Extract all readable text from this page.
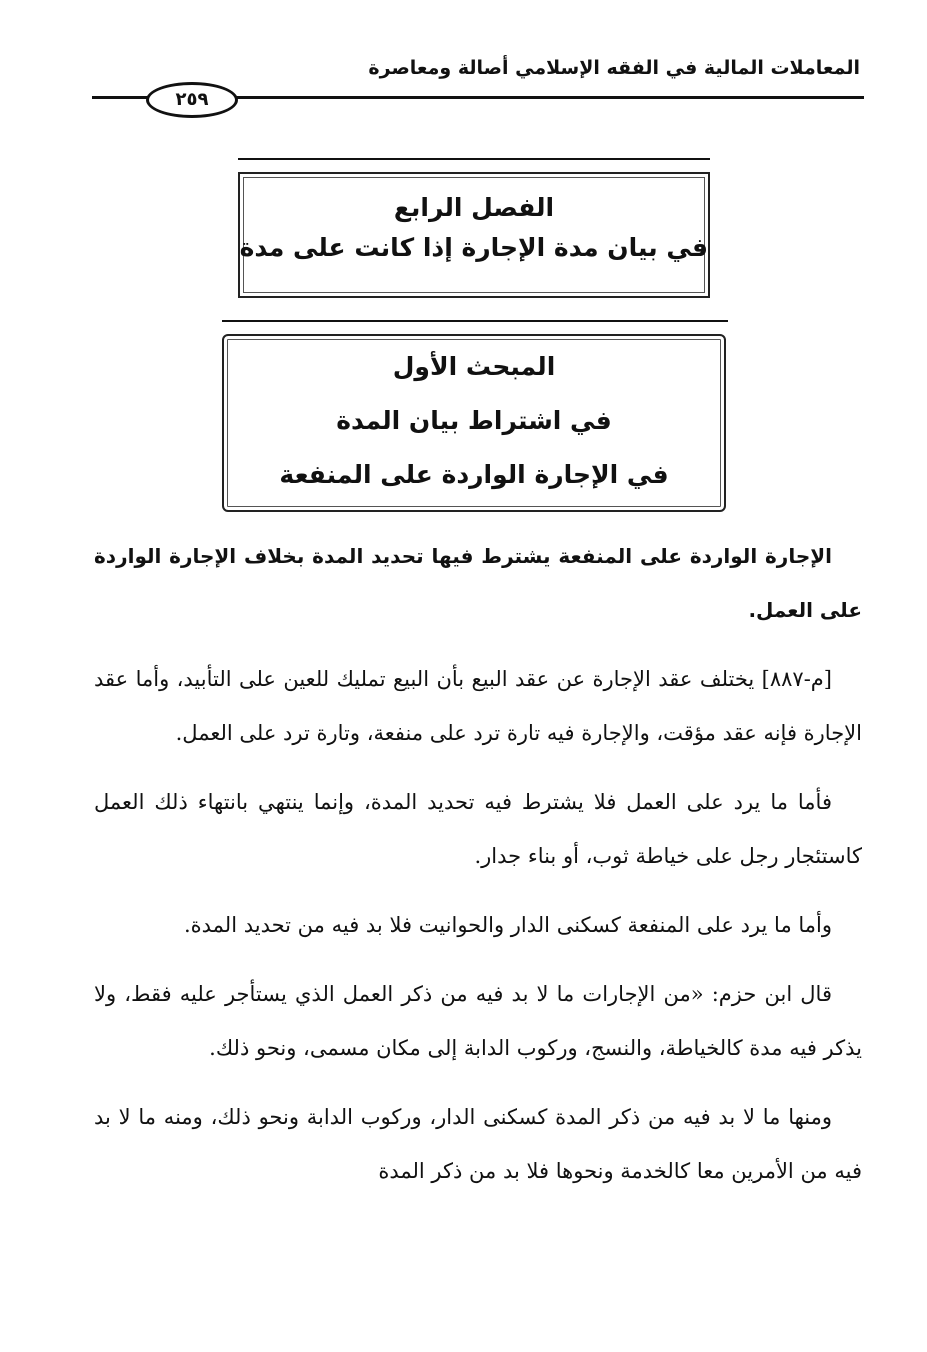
المعاملات المالية في الفقه الإسلامي أصالة ومعاصرة
٢٥٩
الفصل الرابع
في بيان مدة الإجارة إذا كانت على مدة
المبحث الأول
في اشتراط بيان المدة
في الإجارة الواردة على المنفعة

الإجارة الواردة على المنفعة يشترط فيها تحديد المدة بخلاف الإجارة الواردة على العمل.

[م-٨٨٧] يختلف عقد الإجارة عن عقد البيع بأن البيع تمليك للعين على التأبيد، وأما عقد الإجارة فإنه عقد مؤقت، والإجارة فيه تارة ترد على منفعة، وتارة ترد على العمل.

فأما ما يرد على العمل فلا يشترط فيه تحديد المدة، وإنما ينتهي بانتهاء ذلك العمل كاستئجار رجل على خياطة ثوب، أو بناء جدار.

وأما ما يرد على المنفعة كسكنى الدار والحوانيت فلا بد فيه من تحديد المدة.

قال ابن حزم: «من الإجارات ما لا بد فيه من ذكر العمل الذي يستأجر عليه فقط، ولا يذكر فيه مدة كالخياطة، والنسج، وركوب الدابة إلى مكان مسمى، ونحو ذلك.

ومنها ما لا بد فيه من ذكر المدة كسكنى الدار، وركوب الدابة ونحو ذلك، ومنه ما لا بد فيه من الأمرين معا كالخدمة ونحوها فلا بد من ذكر المدة
